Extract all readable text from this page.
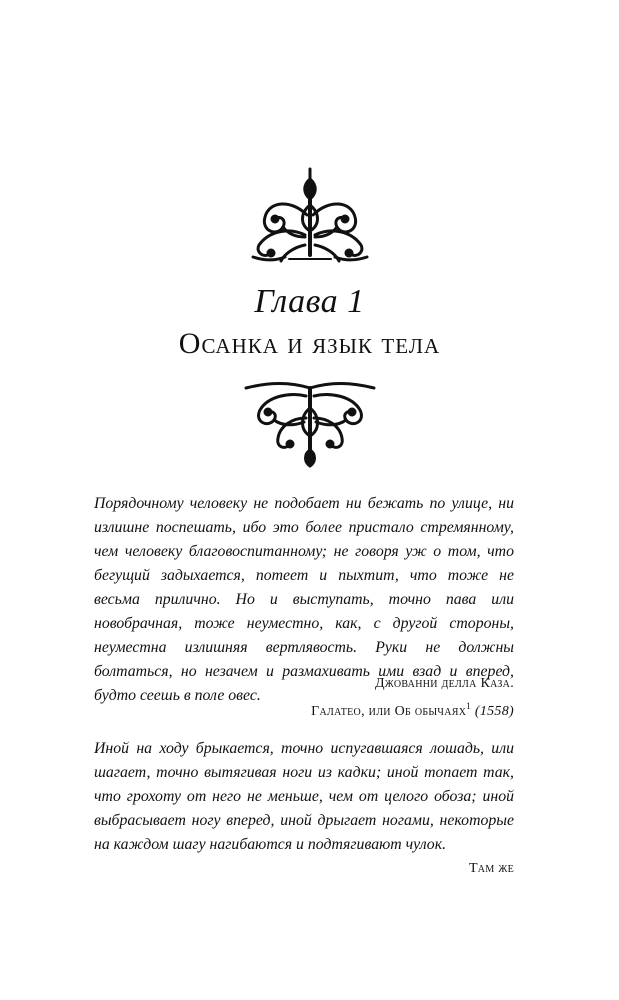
Глава 1
Осанка и язык тела

Порядочному человеку не подобает ни бежать по улице, ни излишне поспешать, ибо это более пристало стремянному, чем человеку благовоспитанному; не говоря уж о том, что бегущий задыхается, потеет и пыхтит, что тоже не весьма прилично. Но и выступать, точно пава или новобрачная, тоже неуместно, как, с другой стороны, неуместна излишняя вертлявость. Руки не должны болтаться, но незачем и размахивать ими взад и вперед, будто сеешь в поле овес.

Джованни делла Каза.
Галатео, или Об обычаях$^1$ (1558)

Иной на ходу брыкается, точно испугавшаяся лошадь, или шагает, точно вытягивая ноги из кадки; иной топает так, что грохоту от него не меньше, чем от целого обоза; иной выбрасывает ногу вперед, иной дрыгает ногами, некоторые на каждом шагу нагибаются и подтягивают чулок.

Там же
